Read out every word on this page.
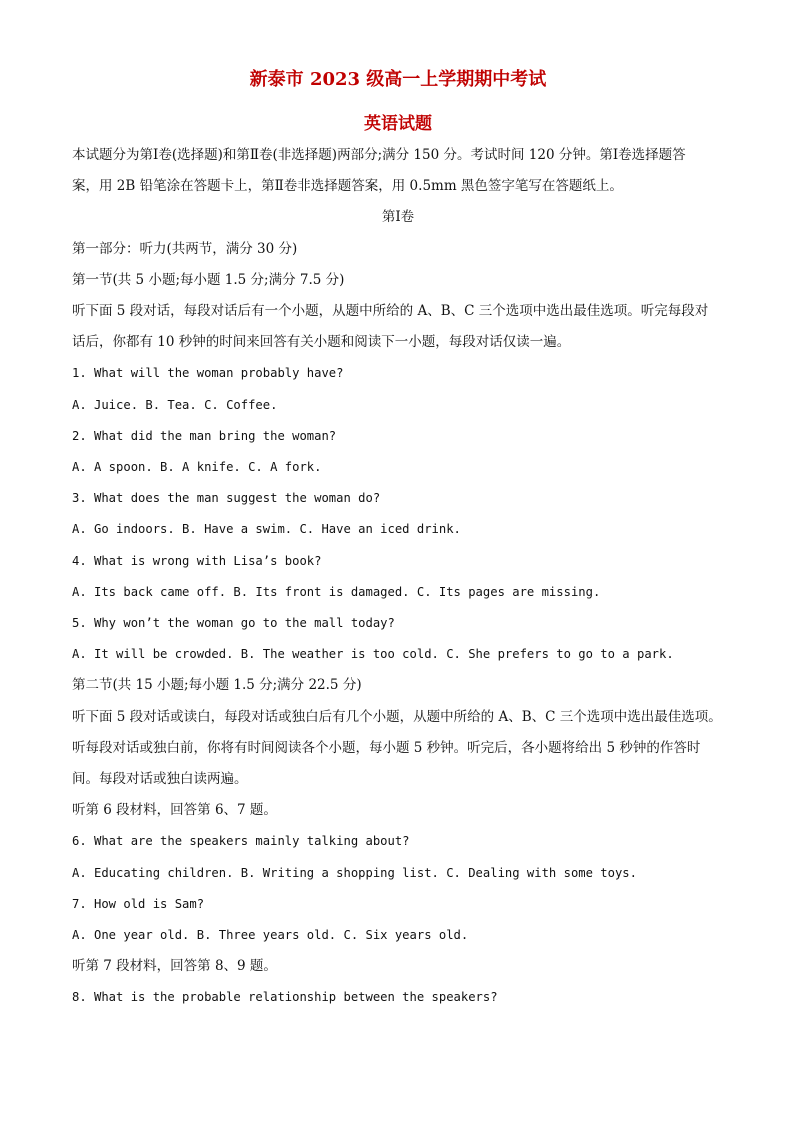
新泰市 2023 级高一上学期期中考试
英语试题

本试题分为第Ⅰ卷(选择题)和第Ⅱ卷(非选择题)两部分;满分 150 分。考试时间 120 分钟。第Ⅰ卷选择题答

案，用 2B 铅笔涂在答题卡上，第Ⅱ卷非选择题答案，用 0.5mm 黑色签字笔写在答题纸上。

第Ⅰ卷

第一部分：听力(共两节，满分 30 分)

第一节(共 5 小题;每小题 1.5 分;满分 7.5 分)

听下面 5 段对话，每段对话后有一个小题，从题中所给的 A、B、C 三个选项中选出最佳选项。听完每段对

话后，你都有 10 秒钟的时间来回答有关小题和阅读下一小题，每段对话仅读一遍。

1. What will the woman probably have?

A. Juice. B. Tea. C. Coffee.

2. What did the man bring the woman?

A. A spoon. B. A knife. C. A fork.

3. What does the man suggest the woman do?

A. Go indoors. B. Have a swim. C. Have an iced drink.

4. What is wrong with Lisa’s book?

A. Its back came off. B. Its front is damaged. C. Its pages are missing.

5. Why won’t the woman go to the mall today?

A. It will be crowded. B. The weather is too cold. C. She prefers to go to a park.

第二节(共 15 小题;每小题 1.5 分;满分 22.5 分)

听下面 5 段对话或读白，每段对话或独白后有几个小题，从题中所给的 A、B、C 三个选项中选出最佳选项。

听每段对话或独白前，你将有时间阅读各个小题，每小题 5 秒钟。听完后，各小题将给出 5 秒钟的作答时

间。每段对话或独白读两遍。

听第 6 段材料，回答第 6、7 题。

6. What are the speakers mainly talking about?

A. Educating children. B. Writing a shopping list. C. Dealing with some toys.

7. How old is Sam?

A. One year old. B. Three years old. C. Six years old.

听第 7 段材料，回答第 8、9 题。

8. What is the probable relationship between the speakers?
